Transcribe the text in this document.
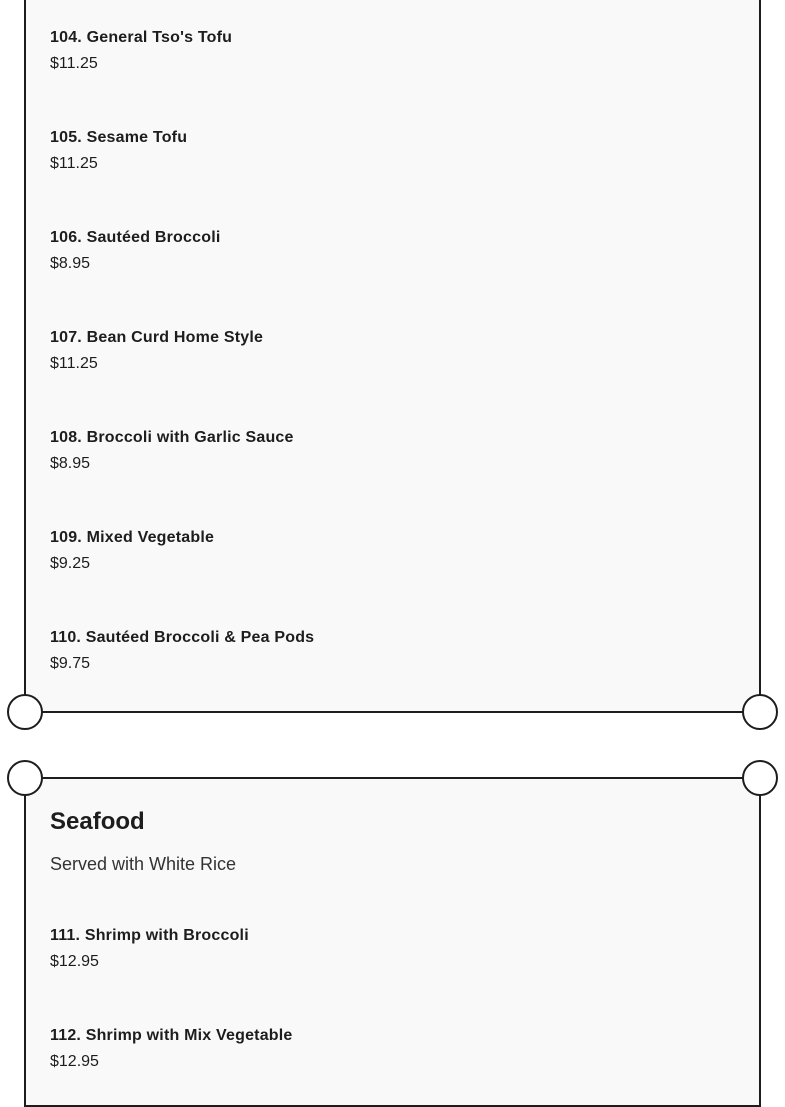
104. General Tso's Tofu
$11.25
105. Sesame Tofu
$11.25
106. Sautéed Broccoli
$8.95
107. Bean Curd Home Style
$11.25
108. Broccoli with Garlic Sauce
$8.95
109. Mixed Vegetable
$9.25
110. Sautéed Broccoli & Pea Pods
$9.75
Seafood

Served with White Rice

111. Shrimp with Broccoli
$12.95
112. Shrimp with Mix Vegetable
$12.95
